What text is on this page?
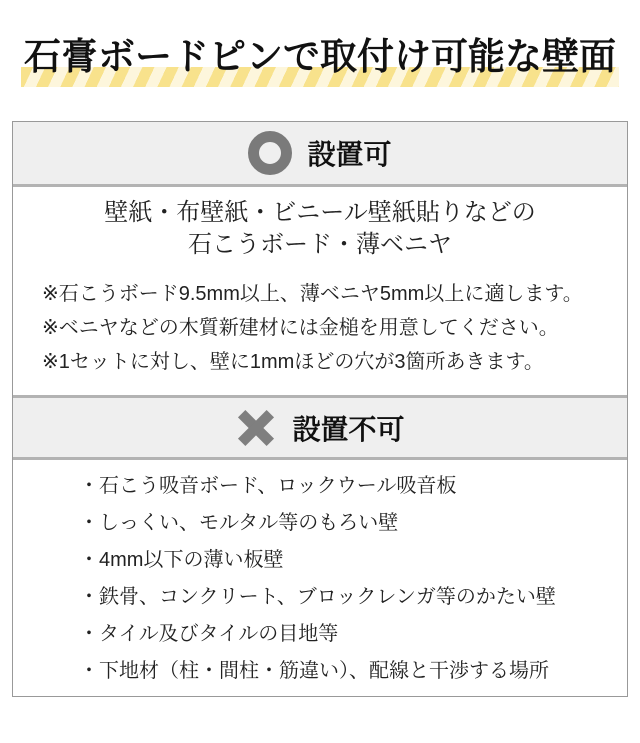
石膏ボードピンで取付け可能な壁面
設置可
壁紙・布壁紙・ビニール壁紙貼りなどの
石こうボード・薄ベニヤ
※石こうボード9.5mm以上、薄ベニヤ5mm以上に適します。
※ベニヤなどの木質新建材には金槌を用意してください。
※1セットに対し、壁に1mmほどの穴が3箇所あきます。
設置不可
・石こう吸音ボード、ロックウール吸音板
・しっくい、モルタル等のもろい壁
・4mm以下の薄い板壁
・鉄骨、コンクリート、ブロックレンガ等のかたい壁
・タイル及びタイルの目地等
・下地材（柱・間柱・筋違い）、配線と干渉する場所
